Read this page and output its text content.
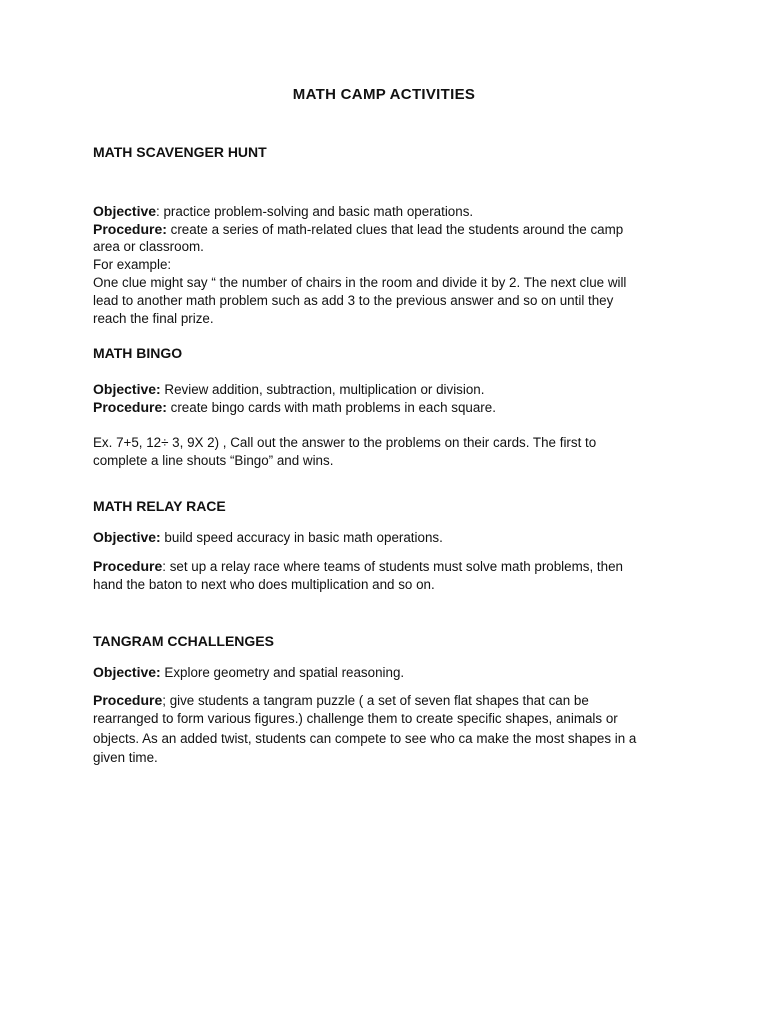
MATH CAMP ACTIVITIES
MATH SCAVENGER HUNT
Objective: practice problem-solving and basic math operations.
Procedure: create a series of math-related clues that lead the students around the camp
area or classroom.
For example:
One clue might say “ the number of chairs in the room and divide it by 2. The next clue will
lead to another math problem such as add 3 to the previous answer and so on until they
reach the final prize.
MATH BINGO
Objective: Review addition, subtraction, multiplication or division.
Procedure: create bingo cards with math problems in each square.
Ex. 7+5, 12÷ 3, 9X 2) , Call out the answer to the problems on their cards. The first to
complete a line shouts “Bingo” and wins.
MATH RELAY RACE
Objective: build speed accuracy in basic math operations.
Procedure: set up a relay race where teams of students must solve math problems, then
hand the baton to next who does multiplication and so on.
TANGRAM CCHALLENGES
Objective: Explore geometry and spatial reasoning.
Procedure; give students a tangram puzzle ( a set of seven flat shapes that can be
rearranged to form various figures.) challenge them to create specific shapes, animals or
objects. As an added twist, students can compete to see who ca make the most shapes in a
given time.
